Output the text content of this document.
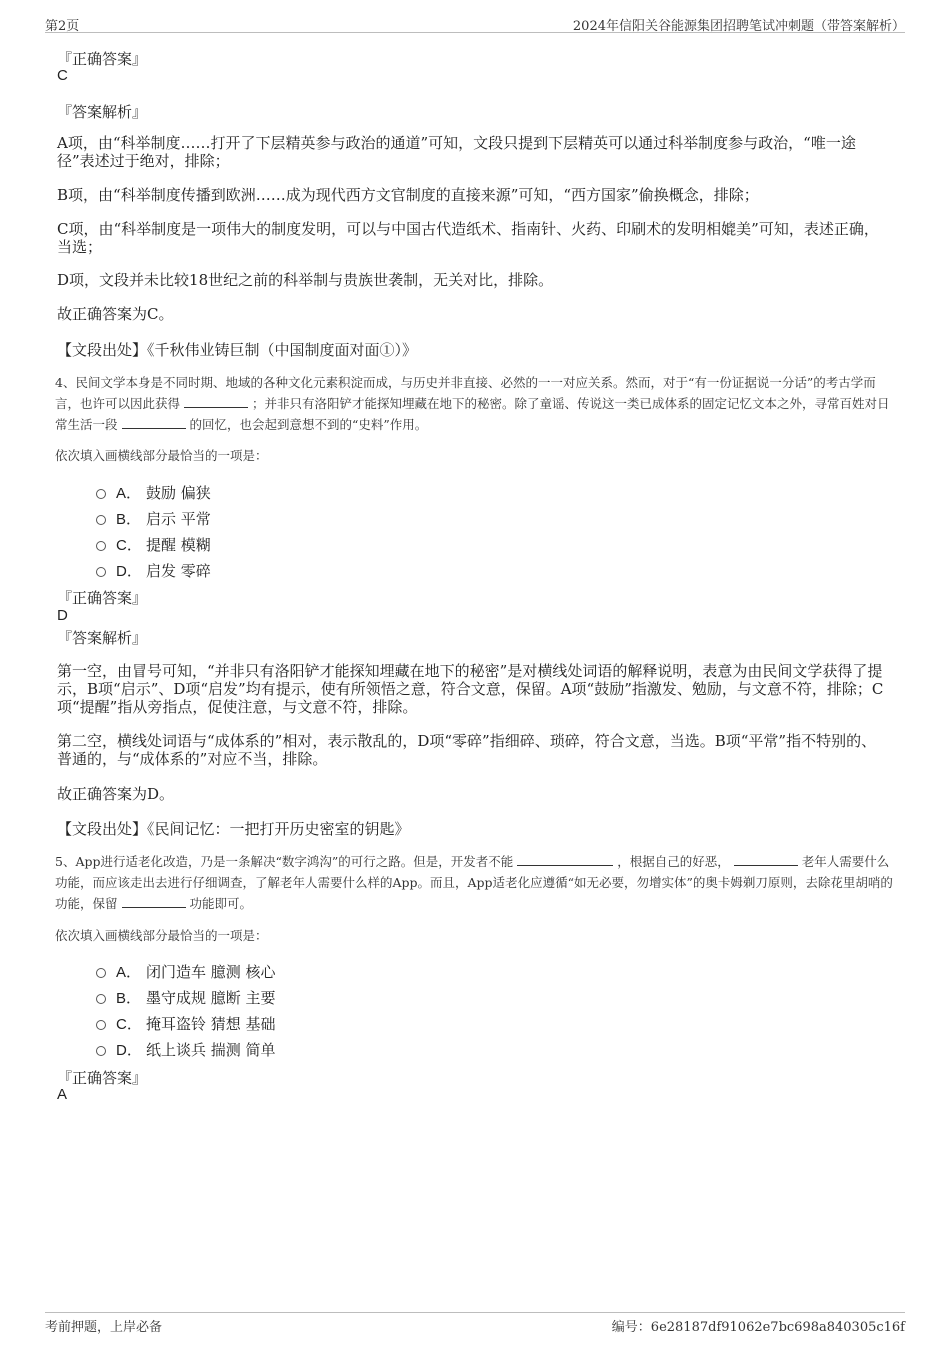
第2页	2024年信阳关谷能源集团招聘笔试冲刺题（带答案解析）
『正确答案』
C
『答案解析』
A项，由“科举制度……打开了下层精英参与政治的通道”可知，文段只提到下层精英可以通过科举制度参与政治，“唯一途径”表述过于绝对，排除；
B项，由“科举制度传播到欧洲……成为现代西方文官制度的直接来源”可知，“西方国家”偷换概念，排除；
C项，由“科举制度是一项伟大的制度发明，可以与中国古代造纸术、指南针、火药、印刷术的发明相媲美”可知，表述正确，当选；
D项，文段并未比较18世纪之前的科举制与贵族世袭制，无关对比，排除。
故正确答案为C。
【文段出处】《千秋伟业铸巨制（中国制度面对面①）》
4、民间文学本身是不同时期、地域的各种文化元素积淀而成，与历史并非直接、必然的一一对应关系。然而，对于“有一份证据说一分话”的考古学而言，也许可以因此获得	；并非只有洛阳铲才能探知埋藏在地下的秘密。除了童谣、传说这一类已成体系的固定记忆文本之外，寻常百姓对日常生活一段	的回忆，也会起到意想不到的“史料”作用。
依次填入画横线部分最恰当的一项是：
A． 鼓励 偏狭
B． 启示 平常
C． 提醒 模糊
D． 启发 零碎
『正确答案』
D
『答案解析』
第一空，由冒号可知，“并非只有洛阳铲才能探知埋藏在地下的秘密”是对横线处词语的解释说明，表意为由民间文学获得了提示，B项“启示”、D项“启发”均有提示，使有所领悟之意，符合文意，保留。A项“鼓励”指激发、勉励，与文意不符，排除；C项“提醒”指从旁指点，促使注意，与文意不符，排除。
第二空，横线处词语与“成体系的”相对，表示散乱的，D项“零碎”指细碎、琐碎，符合文意，当选。B项“平常”指不特别的、普通的，与“成体系的”对应不当，排除。
故正确答案为D。
【文段出处】《民间记忆：一把打开历史密室的钥匙》
5、App进行适老化改造，乃是一条解决“数字鸿沟”的可行之路。但是，开发者不能	，根据自己的好恶，	老年人需要什么功能，而应该走出去进行仔细调查，了解老年人需要什么样的App。而且，App适老化应遵循“如无必要，勿增实体”的奥卡姆剃刀原则，去除花里胡哨的功能，保留	功能即可。
依次填入画横线部分最恰当的一项是：
A． 闭门造车 臆测 核心
B． 墨守成规 臆断 主要
C． 掩耳盗铃 猜想 基础
D． 纸上谈兵 揣测 简单
『正确答案』
A
考前押题，上岸必备	编号：6e28187df91062e7bc698a840305c16f
